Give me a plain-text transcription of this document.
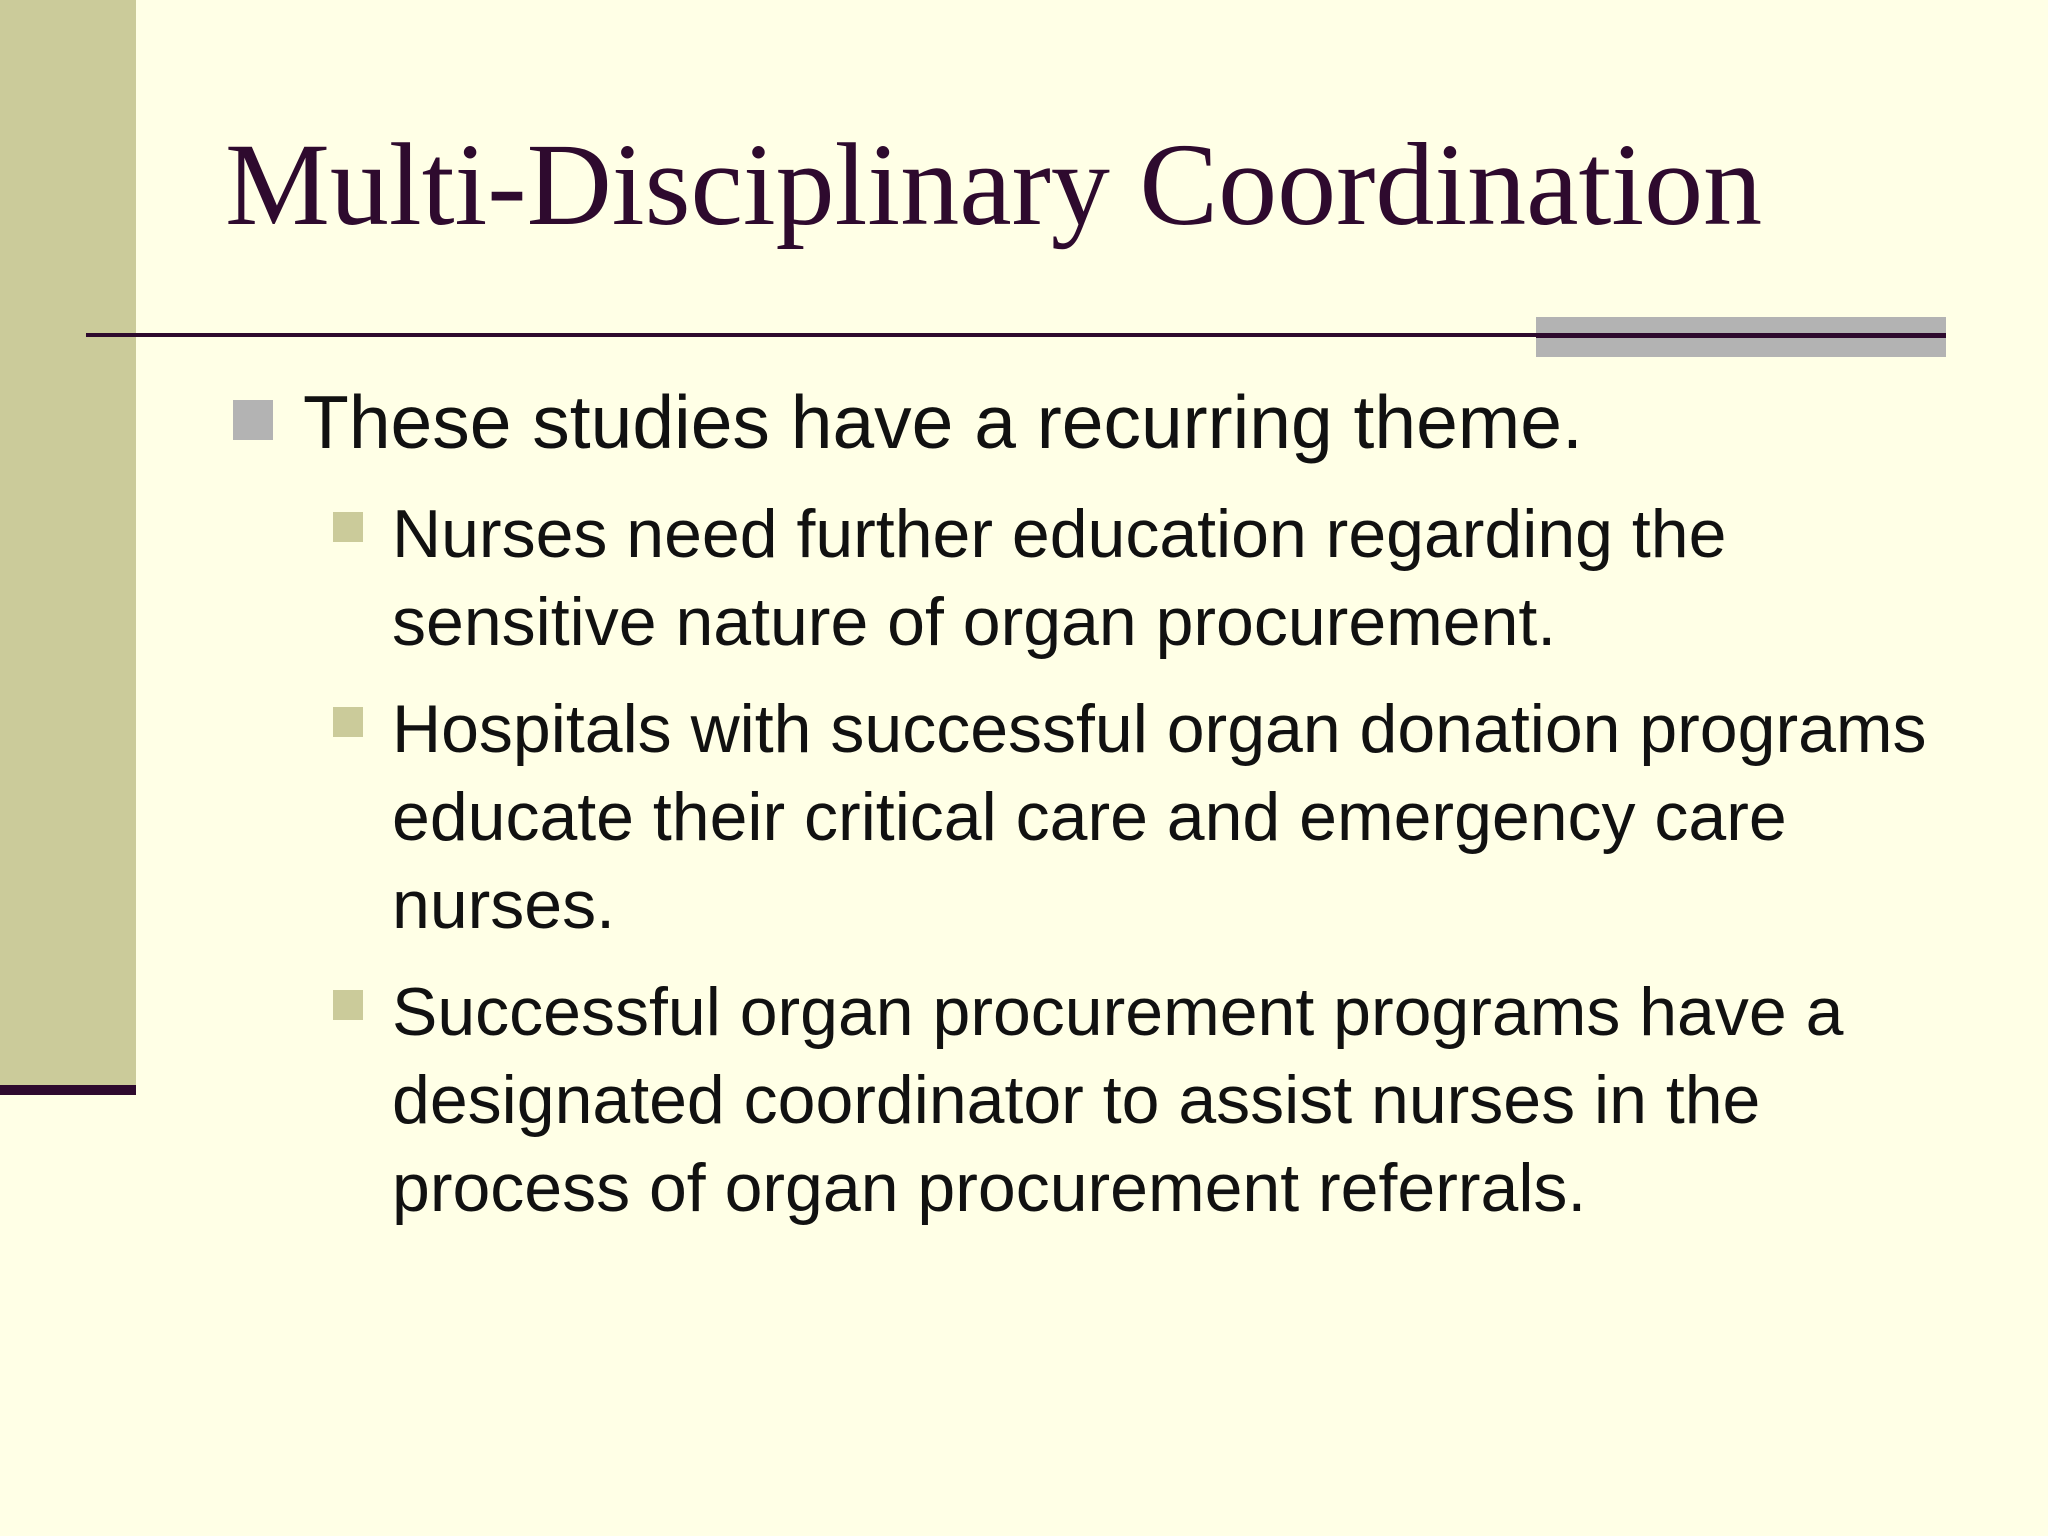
Multi-Disciplinary Coordination
These studies have a recurring theme.
Nurses need further education regarding the sensitive nature of organ procurement.
Hospitals with successful organ donation programs educate their critical care and emergency care nurses.
Successful organ procurement programs have a designated coordinator to assist nurses in the process of organ procurement referrals.
